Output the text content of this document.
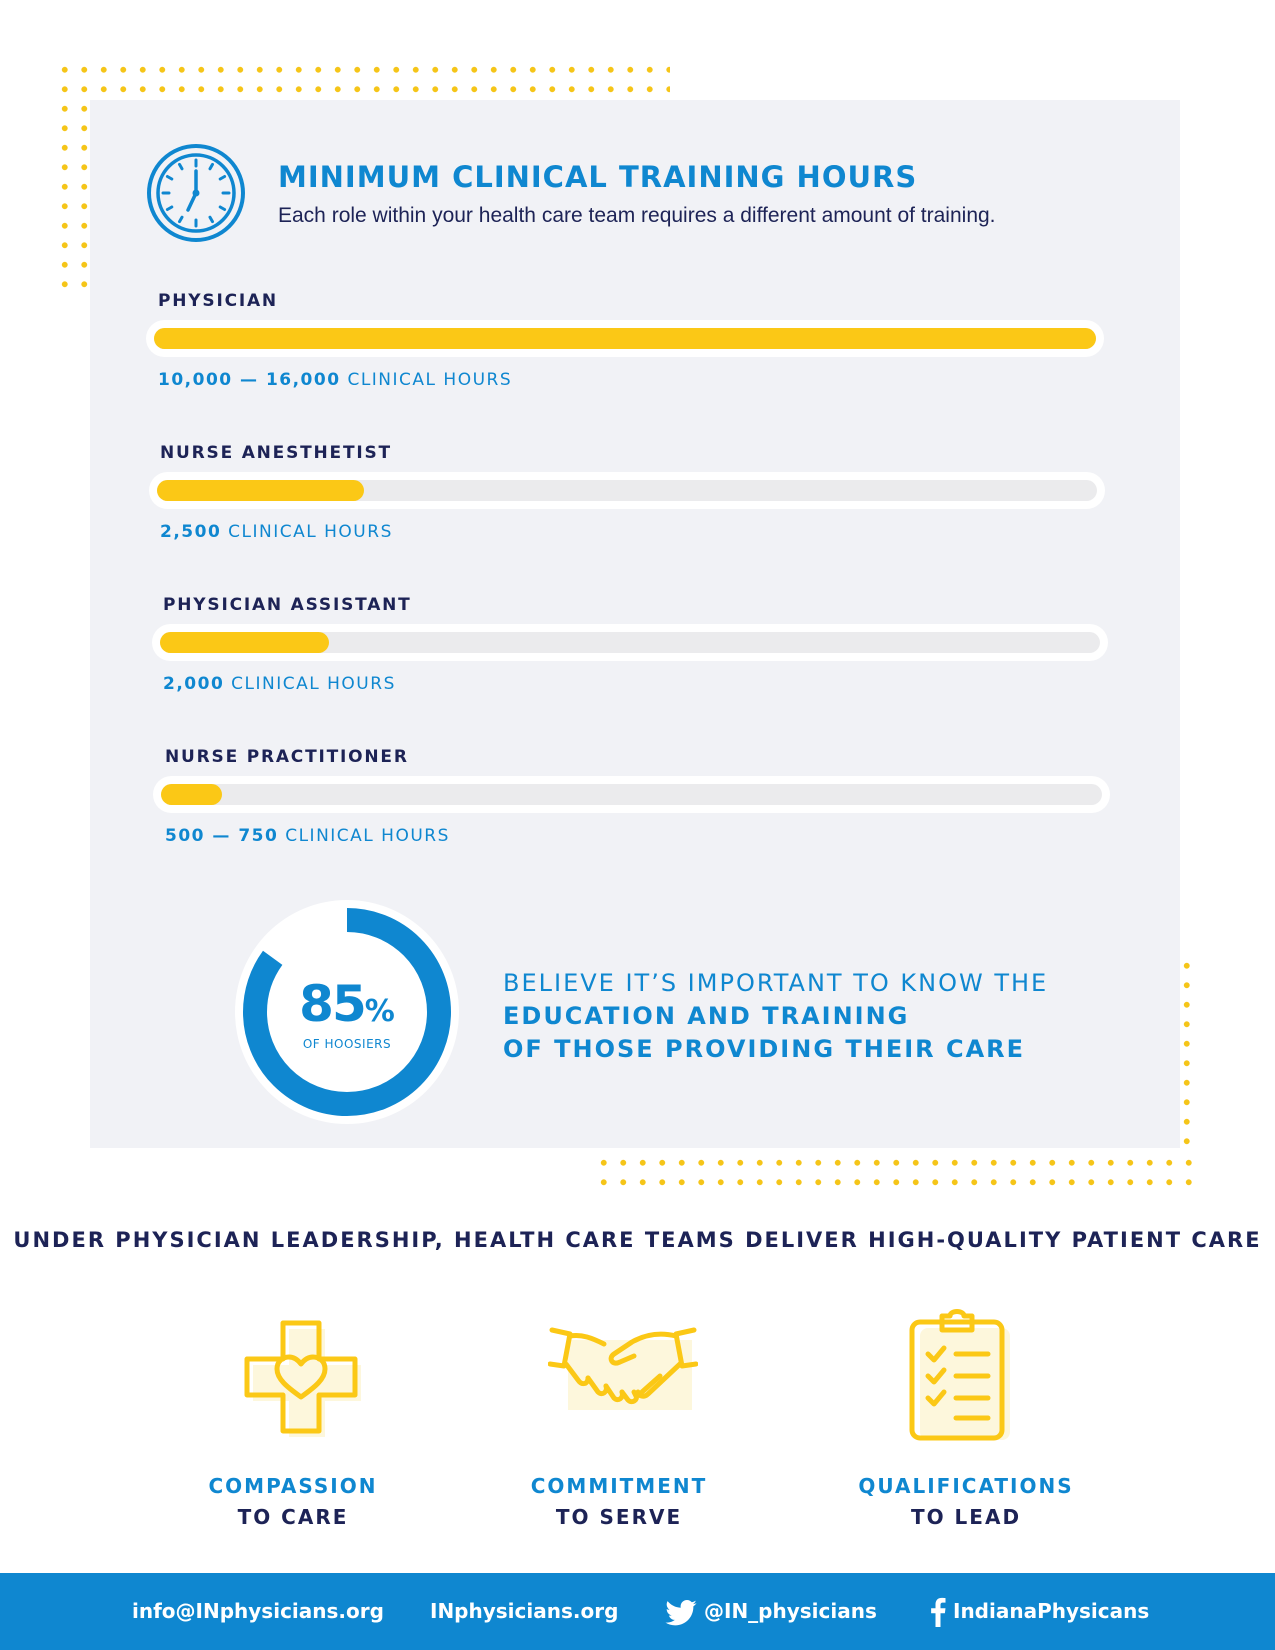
MINIMUM CLINICAL TRAINING HOURS
Each role within your health care team requires a different amount of training.
PHYSICIAN
10,000 — 16,000 CLINICAL HOURS
NURSE ANESTHETIST
2,500 CLINICAL HOURS
PHYSICIAN ASSISTANT
2,000 CLINICAL HOURS
NURSE PRACTITIONER
500 — 750 CLINICAL HOURS
85%
OF HOOSIERS
BELIEVE IT’S IMPORTANT TO KNOW THE
EDUCATION AND TRAINING
OF THOSE PROVIDING THEIR CARE
UNDER PHYSICIAN LEADERSHIP, HEALTH CARE TEAMS DELIVER HIGH-QUALITY PATIENT CARE
COMPASSION
TO CARE
COMMITMENT
TO SERVE
QUALIFICATIONS
TO LEAD
info@INphysicians.org INphysicians.org	@IN_physicians	IndianaPhysicans
